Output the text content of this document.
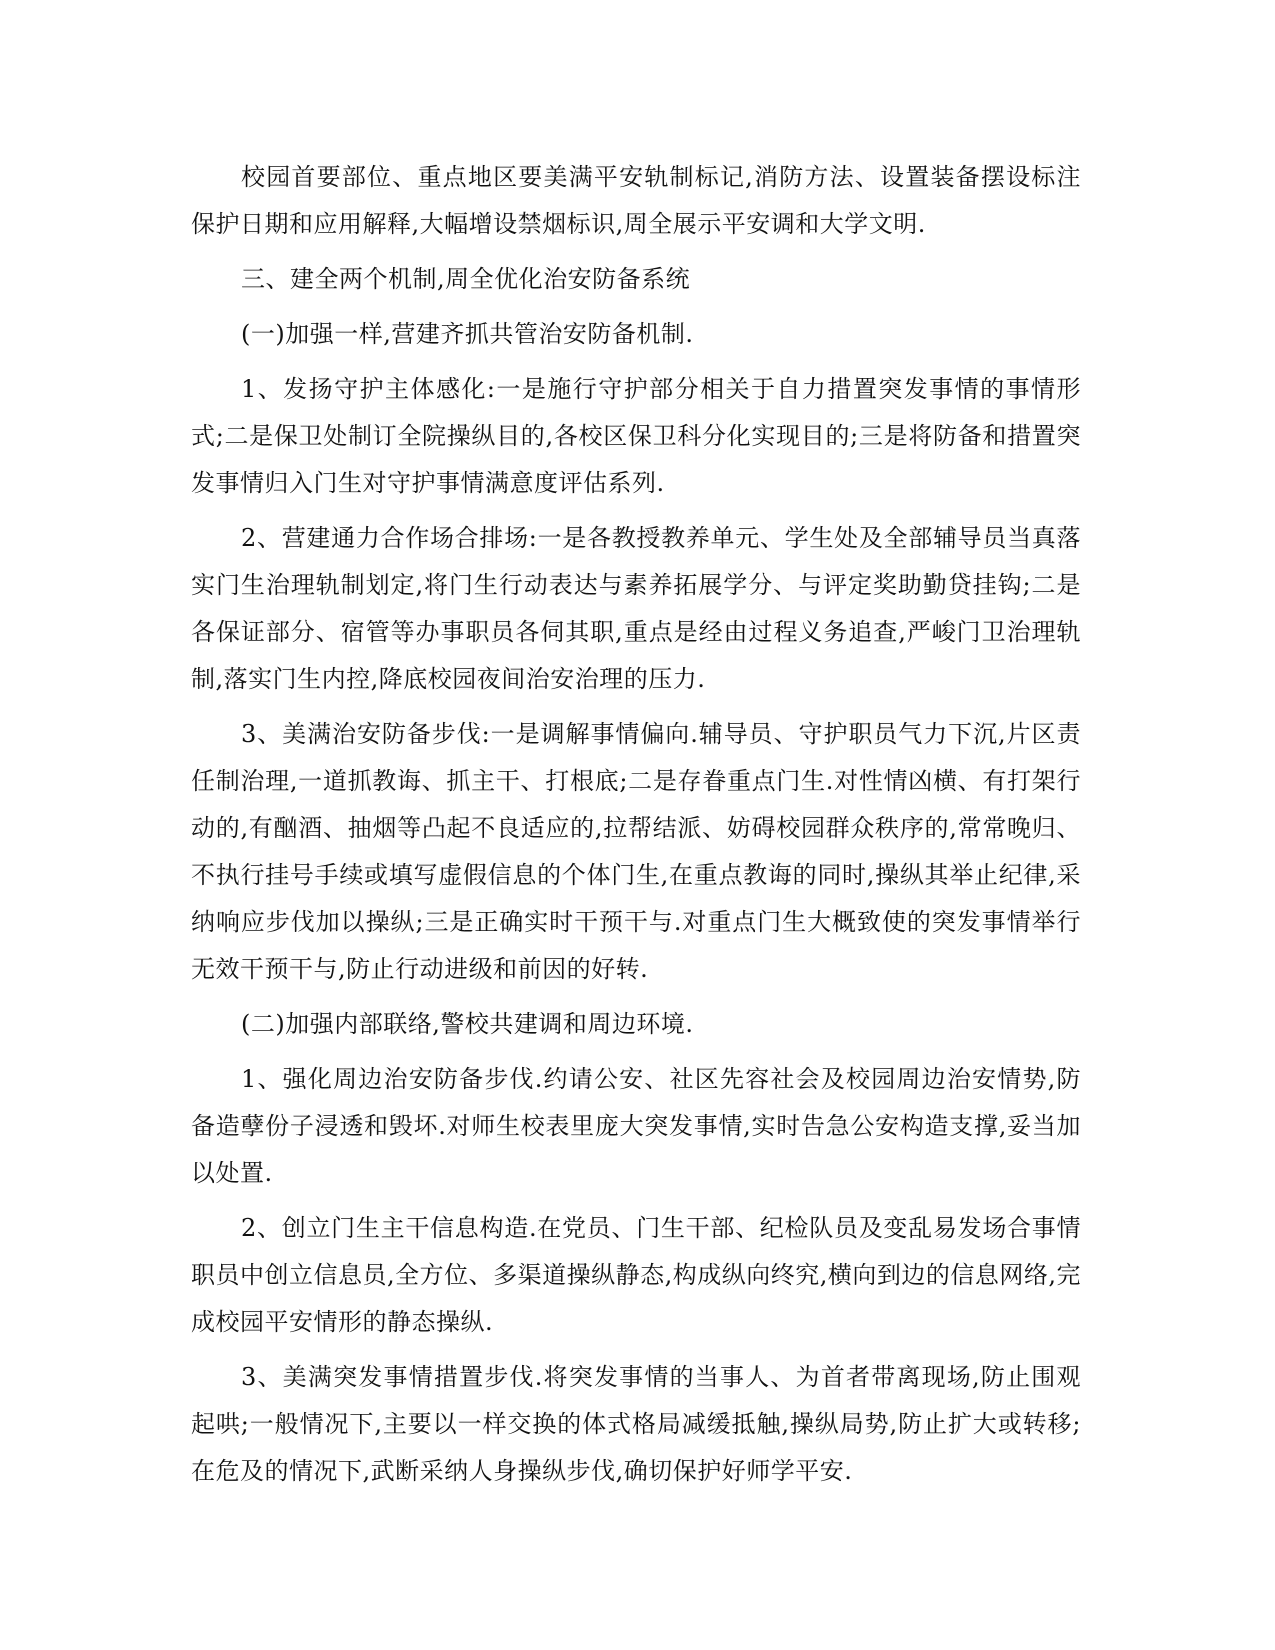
校园首要部位、重点地区要美满平安轨制标记,消防方法、设置装备摆设标注保护日期和应用解释,大幅增设禁烟标识,周全展示平安调和大学文明.

三、建全两个机制,周全优化治安防备系统

(一)加强一样,营建齐抓共管治安防备机制.

1、发扬守护主体感化:一是施行守护部分相关于自力措置突发事情的事情形式;二是保卫处制订全院操纵目的,各校区保卫科分化实现目的;三是将防备和措置突发事情归入门生对守护事情满意度评估系列.

2、营建通力合作场合排场:一是各教授教养单元、学生处及全部辅导员当真落实门生治理轨制划定,将门生行动表达与素养拓展学分、与评定奖助勤贷挂钩;二是各保证部分、宿管等办事职员各伺其职,重点是经由过程义务追查,严峻门卫治理轨制,落实门生内控,降底校园夜间治安治理的压力.

3、美满治安防备步伐:一是调解事情偏向.辅导员、守护职员气力下沉,片区责任制治理,一道抓教诲、抓主干、打根底;二是存眷重点门生.对性情凶横、有打架行动的,有酗酒、抽烟等凸起不良适应的,拉帮结派、妨碍校园群众秩序的,常常晚归、不执行挂号手续或填写虚假信息的个体门生,在重点教诲的同时,操纵其举止纪律,采纳响应步伐加以操纵;三是正确实时干预干与.对重点门生大概致使的突发事情举行无效干预干与,防止行动进级和前因的好转.

(二)加强内部联络,警校共建调和周边环境.

1、强化周边治安防备步伐.约请公安、社区先容社会及校园周边治安情势,防备造孽份子浸透和毁坏.对师生校表里庞大突发事情,实时告急公安构造支撑,妥当加以处置.

2、创立门生主干信息构造.在党员、门生干部、纪检队员及变乱易发场合事情职员中创立信息员,全方位、多渠道操纵静态,构成纵向终究,横向到边的信息网络,完成校园平安情形的静态操纵.

3、美满突发事情措置步伐.将突发事情的当事人、为首者带离现场,防止围观起哄;一般情况下,主要以一样交换的体式格局减缓抵触,操纵局势,防止扩大或转移;在危及的情况下,武断采纳人身操纵步伐,确切保护好师学平安.
